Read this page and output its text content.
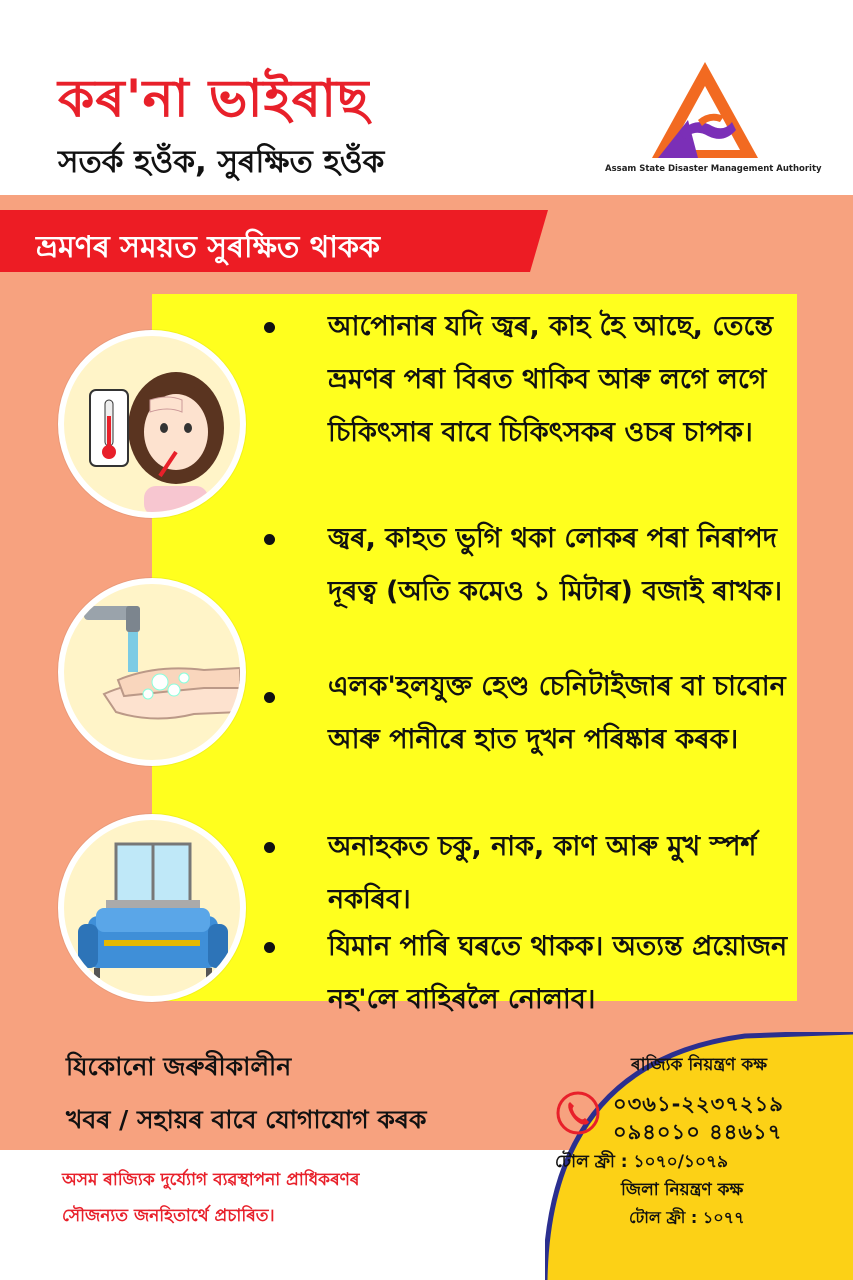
কৰ'না ভাইৰাছ
সতৰ্ক হওঁক, সুৰক্ষিত হওঁক	Assam State Disaster Management Authority
ভ্ৰমণৰ সময়ত সুৰক্ষিত থাকক
আপোনাৰ যদি জ্বৰ, কাহ হৈ আছে, তেন্তে ভ্ৰমণৰ পৰা বিৰত থাকিব আৰু লগে লগে চিকিৎসাৰ বাবে চিকিৎসকৰ ওচৰ চাপক।
জ্বৰ, কাহত ভুগি থকা লোকৰ পৰা নিৰাপদ দূৰত্ব (অতি কমেও ১ মিটাৰ) বজাই ৰাখক।
এলক'হলযুক্ত হেণ্ড চেনিটাইজাৰ বা চাবোন আৰু পানীৰে হাত দুখন পৰিষ্কাৰ কৰক।
অনাহকত চকু, নাক, কাণ আৰু মুখ স্পৰ্শ নকৰিব।
যিমান পাৰি ঘৰতে থাকক। অত্যন্ত প্ৰয়োজন নহ'লে বাহিৰলৈ নোলাব।
যিকোনো জৰুৰীকালীন
খবৰ / সহায়ৰ বাবে যোগাযোগ কৰক
অসম ৰাজ্যিক দুৰ্য্যোগ ব্যৱস্থাপনা প্ৰাধিকৰণৰ
সৌজন্যত জনহিতাৰ্থে প্ৰচাৰিত।
ৰাজ্যিক নিয়ন্ত্ৰণ কক্ষ
০৩৬১-২২৩৭২১৯
০৯৪০১০ ৪৪৬১৭
টোল ফ্ৰী : ১০৭০/১০৭৯
জিলা নিয়ন্ত্ৰণ কক্ষ
টোল ফ্ৰী : ১০৭৭
